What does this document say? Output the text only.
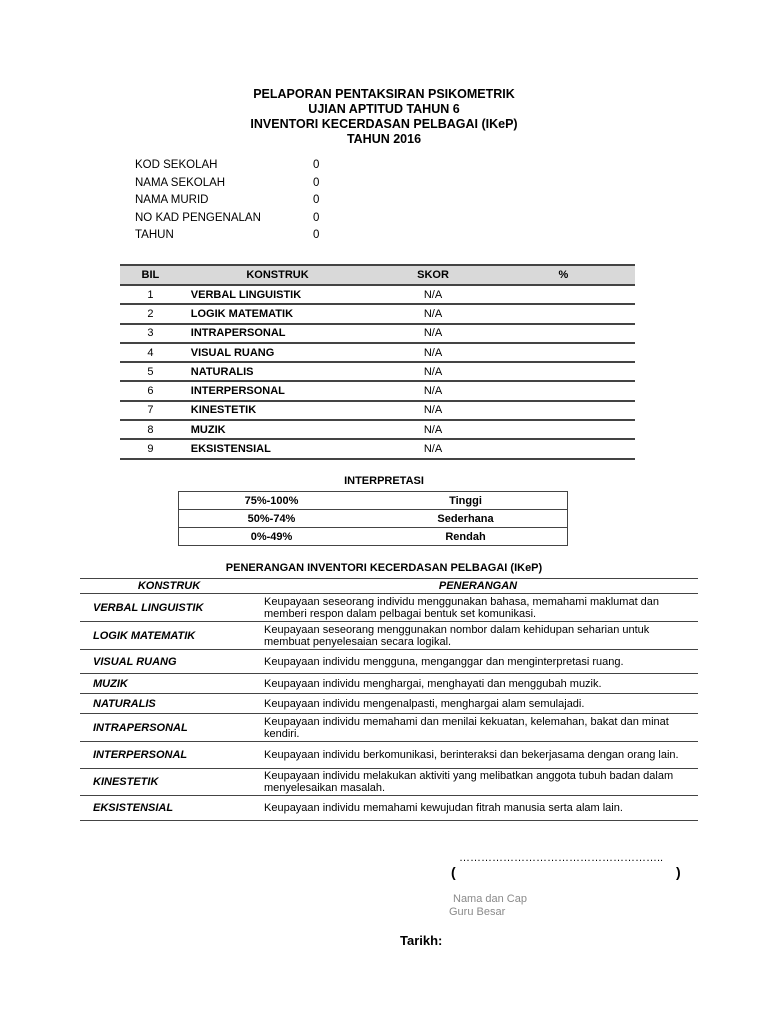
PELAPORAN PENTAKSIRAN PSIKOMETRIK
UJIAN APTITUD TAHUN 6
INVENTORI KECERDASAN PELBAGAI (IKeP)
TAHUN 2016
KOD SEKOLAH	0
NAMA SEKOLAH	0
NAMA MURID	0
NO KAD PENGENALAN	0
TAHUN	0
BIL	KONSTRUK	SKOR	%
1	VERBAL LINGUISTIK	N/A	
2	LOGIK MATEMATIK	N/A	
3	INTRAPERSONAL	N/A	
4	VISUAL RUANG	N/A	
5	NATURALIS	N/A	
6	INTERPERSONAL	N/A	
7	KINESTETIK	N/A	
8	MUZIK	N/A	
9	EKSISTENSIAL	N/A	
INTERPRETASI
75%-100%	Tinggi
50%-74%	Sederhana
0%-49%	Rendah
PENERANGAN INVENTORI KECERDASAN PELBAGAI (IKeP)
KONSTRUK	PENERANGAN
VERBAL LINGUISTIK	Keupayaan seseorang individu menggunakan bahasa, memahami maklumat dan memberi respon dalam pelbagai bentuk set komunikasi.
LOGIK MATEMATIK	Keupayaan seseorang menggunakan nombor dalam kehidupan seharian untuk membuat penyelesaian secara logikal.
VISUAL RUANG	Keupayaan individu mengguna, menganggar dan menginterpretasi ruang.
MUZIK	Keupayaan individu menghargai, menghayati dan menggubah muzik.
NATURALIS	Keupayaan individu mengenalpasti, menghargai alam semulajadi.
INTRAPERSONAL	Keupayaan individu memahami dan menilai kekuatan, kelemahan, bakat dan minat kendiri.
INTERPERSONAL	Keupayaan individu berkomunikasi, berinteraksi dan bekerjasama dengan orang lain.
KINESTETIK	Keupayaan individu melakukan aktiviti yang melibatkan anggota tubuh badan dalam menyelesaikan masalah.
EKSISTENSIAL	Keupayaan individu memahami kewujudan fitrah manusia serta alam lain.
………………………………………………..
(	)
Nama dan Cap
Guru Besar
Tarikh:
